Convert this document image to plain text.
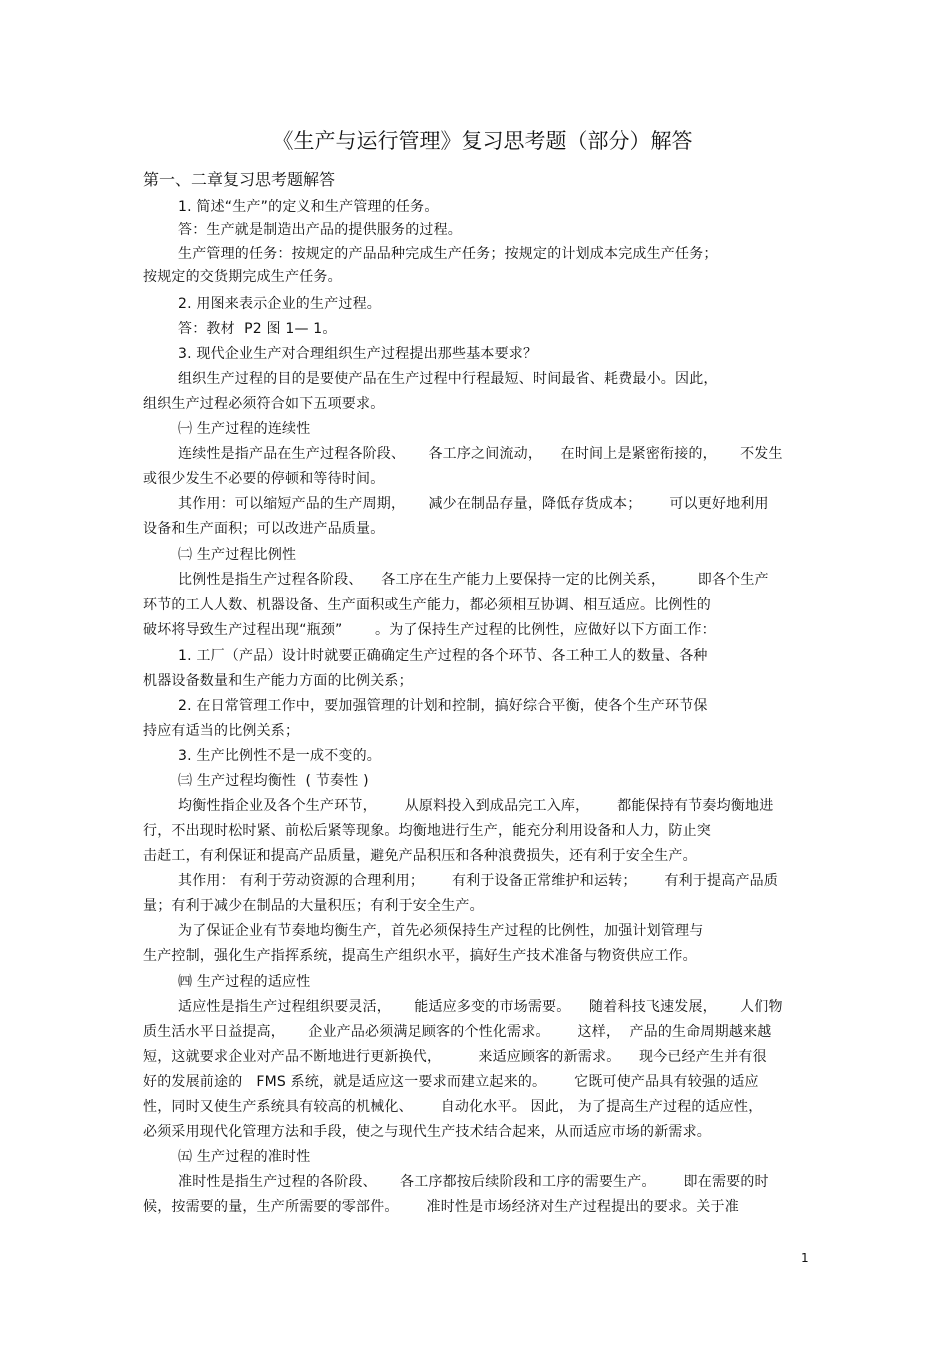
《生产与运行管理》复习思考题（部分）解答
第一、二章复习思考题解答
1. 简述“生产”的定义和生产管理的任务。
答：生产就是制造出产品的提供服务的过程。
生产管理的任务：按规定的产品品种完成生产任务；按规定的计划成本完成生产任务；
按规定的交货期完成生产任务。
2. 用图来表示企业的生产过程。
答：教材  P2 图 1— 1。
3. 现代企业生产对合理组织生产过程提出那些基本要求？
组织生产过程的目的是要使产品在生产过程中行程最短、时间最省、耗费最小。因此，
组织生产过程必须符合如下五项要求。
㈠ 生产过程的连续性
连续性是指产品在生产过程各阶段、     各工序之间流动，    在时间上是紧密衔接的，     不发生
或很少发生不必要的停顿和等待时间。
其作用：可以缩短产品的生产周期，     减少在制品存量，降低存货成本；      可以更好地利用
设备和生产面积；可以改进产品质量。
㈡ 生产过程比例性
比例性是指生产过程各阶段、    各工序在生产能力上要保持一定的比例关系，       即各个生产
环节的工人人数、机器设备、生产面积或生产能力，都必须相互协调、相互适应。比例性的
破坏将导致生产过程出现“瓶颈”       。为了保持生产过程的比例性，应做好以下方面工作：
1. 工厂（产品）设计时就要正确确定生产过程的各个环节、各工种工人的数量、各种
机器设备数量和生产能力方面的比例关系；
2. 在日常管理工作中，要加强管理的计划和控制，搞好综合平衡，使各个生产环节保
持应有适当的比例关系；
3. 生产比例性不是一成不变的。
㈢ 生产过程均衡性  ( 节奏性 )
均衡性指企业及各个生产环节，      从原料投入到成品完工入库，      都能保持有节奏均衡地进
行，不出现时松时紧、前松后紧等现象。均衡地进行生产，能充分利用设备和人力，防止突
击赶工，有利保证和提高产品质量，避免产品积压和各种浪费损失，还有利于安全生产。
其作用： 有利于劳动资源的合理利用；      有利于设备正常维护和运转；      有利于提高产品质
量；有利于减少在制品的大量积压；有利于安全生产。
为了保证企业有节奏地均衡生产，首先必须保持生产过程的比例性，加强计划管理与
生产控制，强化生产指挥系统，提高生产组织水平，搞好生产技术准备与物资供应工作。
㈣ 生产过程的适应性
适应性是指生产过程组织要灵活，     能适应多变的市场需要。    随着科技飞速发展，     人们物
质生活水平日益提高，     企业产品必须满足顾客的个性化需求。      这样，  产品的生命周期越来越
短，这就要求企业对产品不断地进行更新换代，        来适应顾客的新需求。    现今已经产生并有很
好的发展前途的   FMS 系统，就是适应这一要求而建立起来的。      它既可使产品具有较强的适应
性，同时又使生产系统具有较高的机械化、      自动化水平。 因此， 为了提高生产过程的适应性，
必须采用现代化管理方法和手段，使之与现代生产技术结合起来，从而适应市场的新需求。
㈤ 生产过程的准时性
准时性是指生产过程的各阶段、     各工序都按后续阶段和工序的需要生产。      即在需要的时
候，按需要的量，生产所需要的零部件。      准时性是市场经济对生产过程提出的要求。关于准
1
